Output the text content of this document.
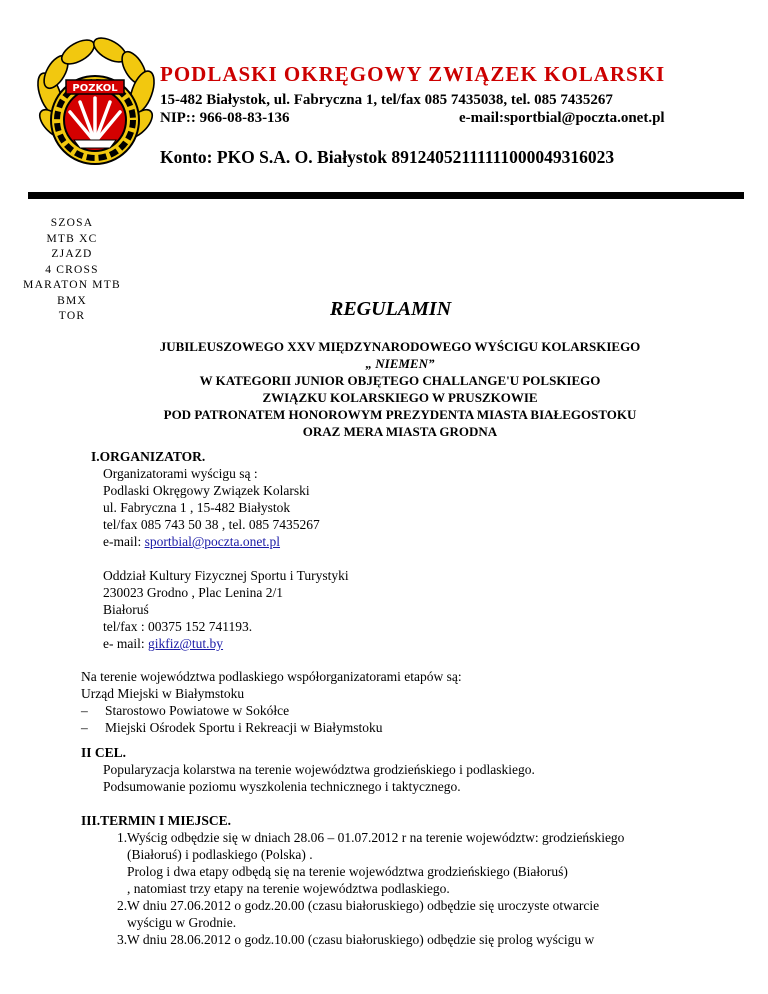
POZKOL
PODLASKI OKRĘGOWY ZWIĄZEK KOLARSKI
15-482 Białystok, ul. Fabryczna 1, tel/fax 085 7435038, tel. 085 7435267
NIP:: 966-08-83-136	e-mail:sportbial@poczta.onet.pl
Konto: PKO S.A. O. Białystok 89124052111111000049316023
SZOSA
MTB XC
ZJAZD
4 CROSS
MARATON MTB
BMX
TOR	REGULAMIN
JUBILEUSZOWEGO XXV MIĘDZYNARODOWEGO WYŚCIGU KOLARSKIEGO
„ NIEMEN”
W KATEGORII JUNIOR OBJĘTEGO CHALLANGE'U POLSKIEGO
ZWIĄZKU KOLARSKIEGO W PRUSZKOWIE
POD PATRONATEM HONOROWYM PREZYDENTA MIASTA BIAŁEGOSTOKU
ORAZ MERA MIASTA GRODNA
I.ORGANIZATOR.
Organizatorami wyścigu są :
Podlaski Okręgowy Związek Kolarski
ul. Fabryczna 1 , 15-482 Białystok
tel/fax 085 743 50 38 , tel. 085 7435267
e-mail: sportbial@poczta.onet.pl
Oddział Kultury Fizycznej Sportu i Turystyki
230023 Grodno , Plac Lenina 2/1
Białoruś
tel/fax : 00375 152 741193.
e- mail: gikfiz@tut.by
Na terenie województwa podlaskiego współorganizatorami etapów są:
Urząd Miejski w Białymstoku
– Starostowo Powiatowe w Sokółce
– Miejski Ośrodek Sportu i Rekreacji w Białymstoku
II CEL.
Popularyzacja kolarstwa na terenie województwa grodzieńskiego i podlaskiego.
Podsumowanie poziomu wyszkolenia technicznego i taktycznego.
III.TERMIN I MIEJSCE.
1. Wyścig odbędzie się w dniach 28.06 – 01.07.2012 r na terenie województw: grodzieńskiego
(Białoruś) i podlaskiego (Polska) .
Prolog i dwa etapy odbędą się na terenie województwa grodzieńskiego (Białoruś)
, natomiast trzy etapy na terenie województwa podlaskiego.
2. W dniu 27.06.2012 o godz.20.00 (czasu białoruskiego) odbędzie się uroczyste otwarcie
wyścigu w Grodnie.
3. W dniu 28.06.2012 o godz.10.00 (czasu białoruskiego) odbędzie się prolog wyścigu w
